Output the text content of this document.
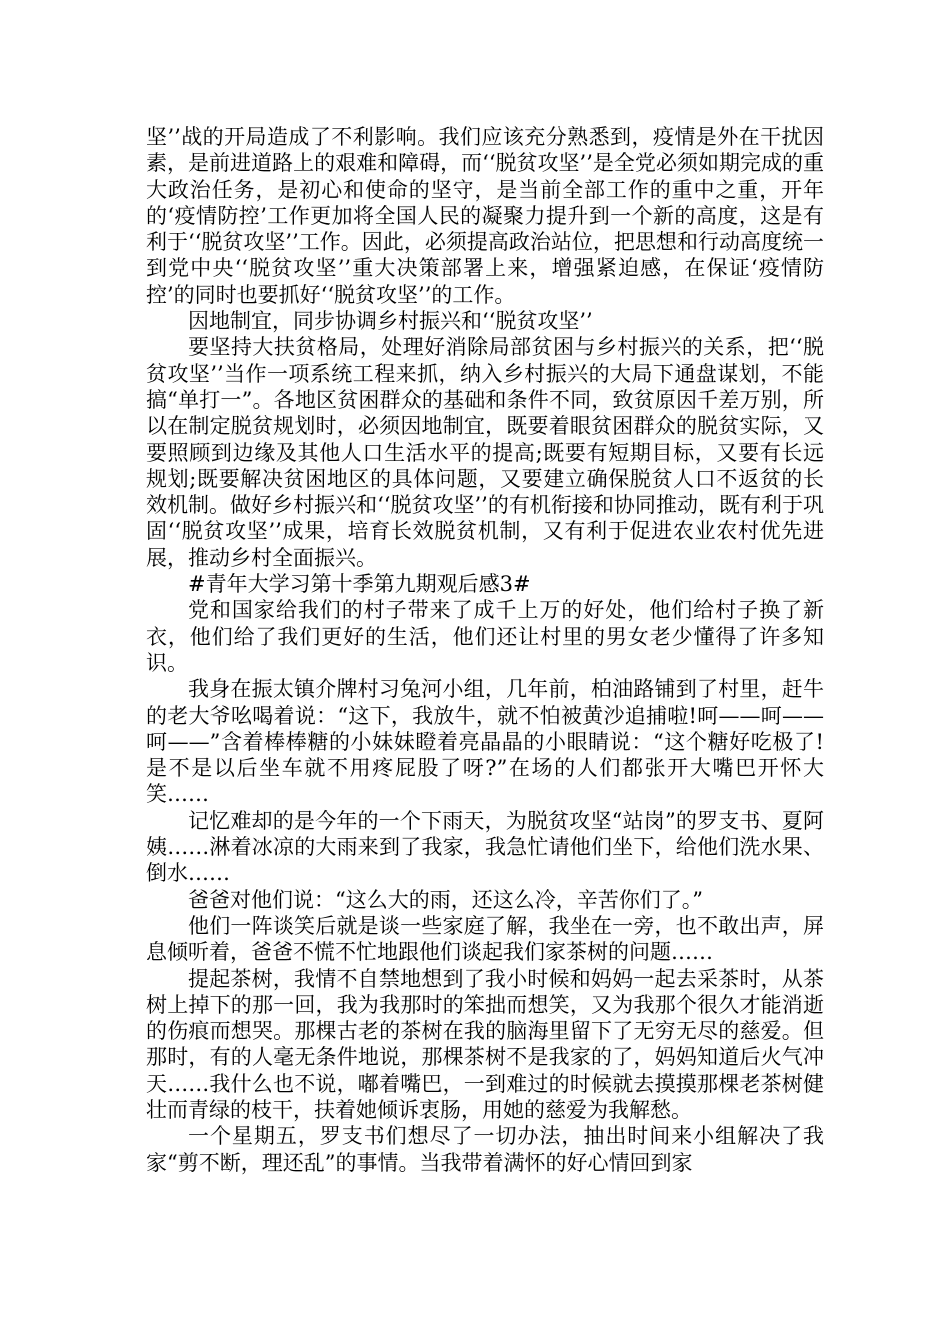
坚’’战的开局造成了不利影响。我们应该充分熟悉到，疫情是外在干扰因素，是前进道路上的艰难和障碍，而‘‘脱贫攻坚’’是全党必须如期完成的重大政治任务，是初心和使命的坚守，是当前全部工作的重中之重，开年的‘疫情防控’工作更加将全国人民的凝聚力提升到一个新的高度，这是有利于‘‘脱贫攻坚’’工作。因此，必须提高政治站位，把思想和行动高度统一到党中央‘‘脱贫攻坚’’重大决策部署上来，增强紧迫感，在保证‘疫情防控’的同时也要抓好‘‘脱贫攻坚’’的工作。

因地制宜，同步协调乡村振兴和‘‘脱贫攻坚’’

要坚持大扶贫格局，处理好消除局部贫困与乡村振兴的关系，把‘‘脱贫攻坚’’当作一项系统工程来抓，纳入乡村振兴的大局下通盘谋划，不能搞“单打一”。各地区贫困群众的基础和条件不同，致贫原因千差万别，所以在制定脱贫规划时，必须因地制宜，既要着眼贫困群众的脱贫实际，又要照顾到边缘及其他人口生活水平的提高;既要有短期目标，又要有长远规划;既要解决贫困地区的具体问题，又要建立确保脱贫人口不返贫的长效机制。做好乡村振兴和‘‘脱贫攻坚’’的有机衔接和协同推动，既有利于巩固‘‘脱贫攻坚’’成果，培育长效脱贫机制，又有利于促进农业农村优先进展，推动乡村全面振兴。

#青年大学习第十季第九期观后感3#

党和国家给我们的村子带来了成千上万的好处，他们给村子换了新衣，他们给了我们更好的生活，他们还让村里的男女老少懂得了许多知识。

我身在振太镇介牌村习兔河小组，几年前，柏油路铺到了村里，赶牛的老大爷吆喝着说：“这下，我放牛，就不怕被黄沙追捕啦!呵——呵——呵——”含着棒棒糖的小妹妹瞪着亮晶晶的小眼睛说：“这个糖好吃极了!是不是以后坐车就不用疼屁股了呀?”在场的人们都张开大嘴巴开怀大笑……

记忆难却的是今年的一个下雨天，为脱贫攻坚“站岗”的罗支书、夏阿姨……淋着冰凉的大雨来到了我家，我急忙请他们坐下，给他们洗水果、倒水……

爸爸对他们说：“这么大的雨，还这么冷，辛苦你们了。”

他们一阵谈笑后就是谈一些家庭了解，我坐在一旁，也不敢出声，屏息倾听着，爸爸不慌不忙地跟他们谈起我们家茶树的问题……

提起茶树，我情不自禁地想到了我小时候和妈妈一起去采茶时，从茶树上掉下的那一回，我为我那时的笨拙而想笑，又为我那个很久才能消逝的伤痕而想哭。那棵古老的茶树在我的脑海里留下了无穷无尽的慈爱。但那时，有的人毫无条件地说，那棵茶树不是我家的了，妈妈知道后火气冲天……我什么也不说，嘟着嘴巴，一到难过的时候就去摸摸那棵老茶树健壮而青绿的枝干，扶着她倾诉衷肠，用她的慈爱为我解愁。

一个星期五，罗支书们想尽了一切办法，抽出时间来小组解决了我家“剪不断，理还乱”的事情。当我带着满怀的好心情回到家
